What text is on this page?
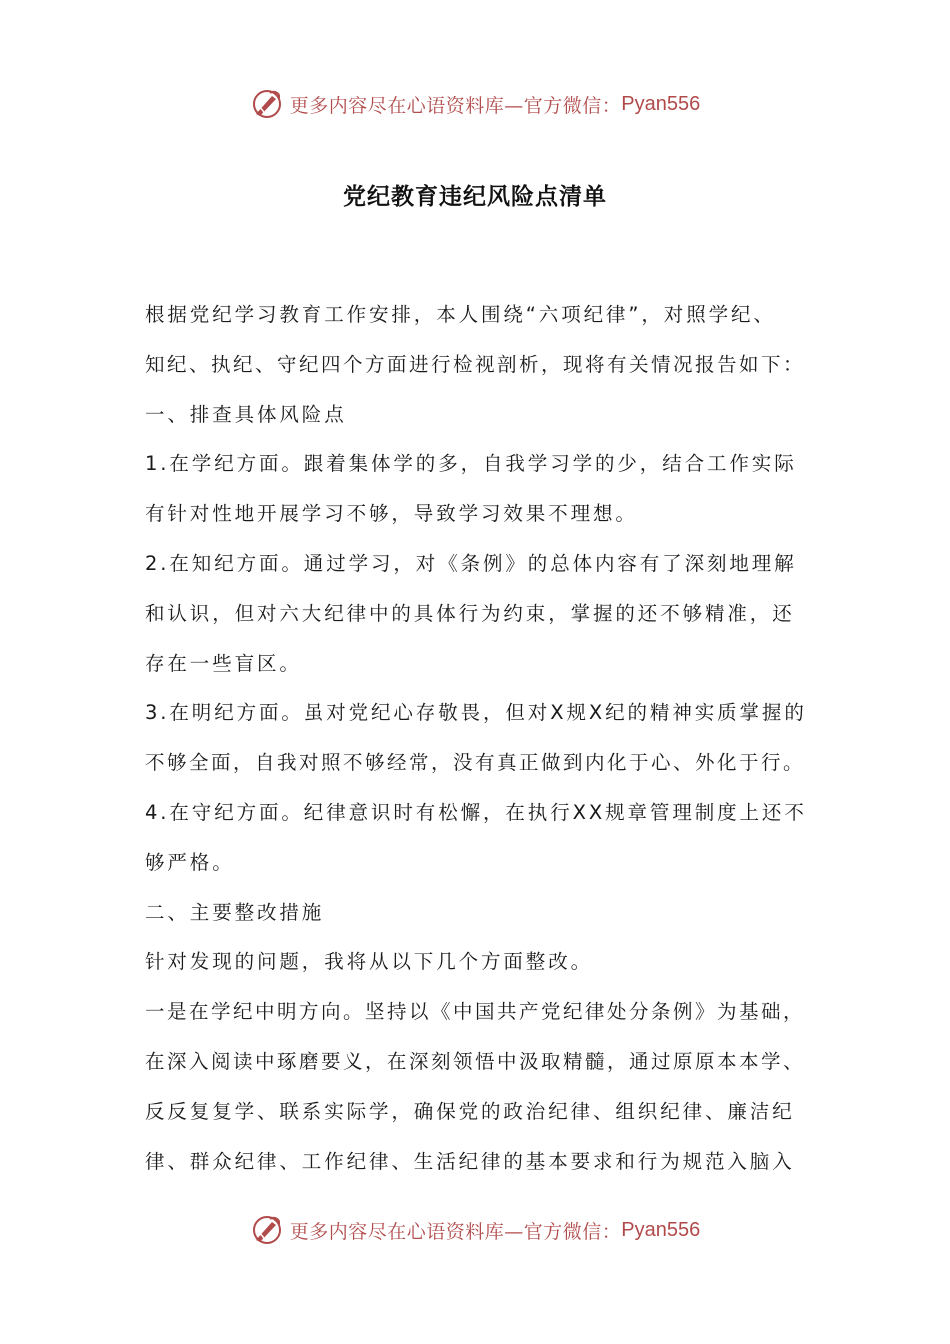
更多内容尽在心语资料库—官方微信： Pyan556
党纪教育违纪风险点清单
根据党纪学习教育工作安排，本人围绕“六项纪律”，对照学纪、
知纪、执纪、守纪四个方面进行检视剖析，现将有关情况报告如下：
一、排查具体风险点
1.在学纪方面。跟着集体学的多，自我学习学的少，结合工作实际
有针对性地开展学习不够，导致学习效果不理想。
2.在知纪方面。通过学习，对《条例》的总体内容有了深刻地理解
和认识，但对六大纪律中的具体行为约束，掌握的还不够精准，还
存在一些盲区。
3.在明纪方面。虽对党纪心存敬畏，但对X规X纪的精神实质掌握的
不够全面，自我对照不够经常，没有真正做到内化于心、外化于行。
4.在守纪方面。纪律意识时有松懈，在执行XX规章管理制度上还不
够严格。
二、主要整改措施
针对发现的问题，我将从以下几个方面整改。
一是在学纪中明方向。坚持以《中国共产党纪律处分条例》为基础，
在深入阅读中琢磨要义，在深刻领悟中汲取精髓，通过原原本本学、
反反复复学、联系实际学，确保党的政治纪律、组织纪律、廉洁纪
律、群众纪律、工作纪律、生活纪律的基本要求和行为规范入脑入
更多内容尽在心语资料库—官方微信： Pyan556
